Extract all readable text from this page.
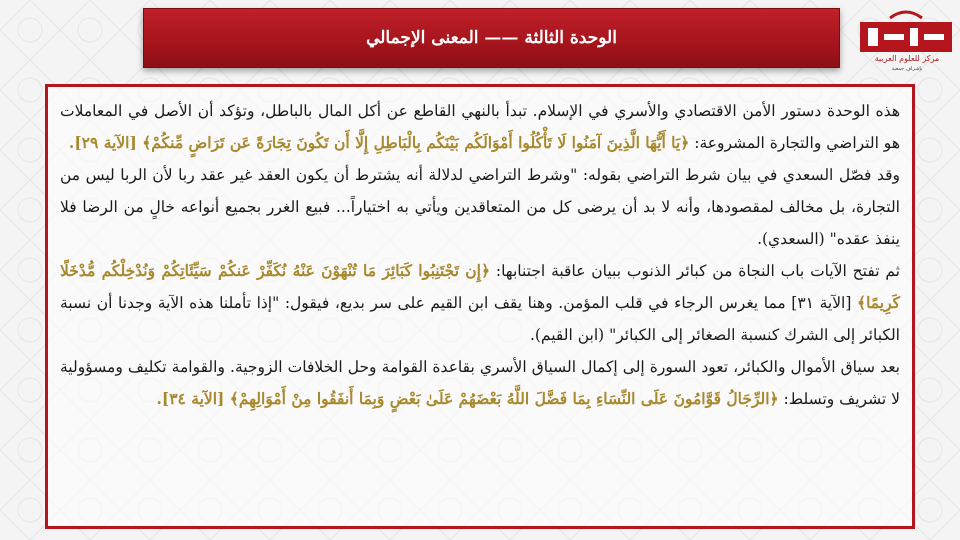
الوحدة الثالثة —— المعنى الإجمالي
مركز للعلوم العربية
بإشراف جمعية

هذه الوحدة دستور الأمن الاقتصادي والأسري في الإسلام. تبدأ بالنهي القاطع عن أكل المال بالباطل، وتؤكد أن الأصل في المعاملات هو التراضي والتجارة المشروعة: ﴿يَا أَيُّهَا الَّذِينَ آمَنُوا لَا تَأْكُلُوا أَمْوَالَكُم بَيْنَكُم بِالْبَاطِلِ إِلَّا أَن تَكُونَ تِجَارَةً عَن تَرَاضٍ مِّنكُمْ﴾ [الآية ٢٩].

وقد فصّل السعدي في بيان شرط التراضي بقوله: "وشرط التراضي لدلالة أنه يشترط أن يكون العقد غير عقد ربا لأن الربا ليس من التجارة، بل مخالف لمقصودها، وأنه لا بد أن يرضى كل من المتعاقدين ويأتي به اختياراً... فبيع الغرر بجميع أنواعه خالٍ من الرضا فلا ينفذ عقده" (السعدي).

ثم تفتح الآيات باب النجاة من كبائر الذنوب ببيان عاقبة اجتنابها: ﴿إِن تَجْتَنِبُوا كَبَائِرَ مَا تُنْهَوْنَ عَنْهُ نُكَفِّرْ عَنكُمْ سَيِّئَاتِكُمْ وَنُدْخِلْكُم مُّدْخَلًا كَرِيمًا﴾ [الآية ٣١] مما يغرس الرجاء في قلب المؤمن. وهنا يقف ابن القيم على سر بديع، فيقول: "إذا تأملنا هذه الآية وجدنا أن نسبة الكبائر إلى الشرك كنسبة الصغائر إلى الكبائر" (ابن القيم).

بعد سياق الأموال والكبائر، تعود السورة إلى إكمال السياق الأسري بقاعدة القوامة وحل الخلافات الزوجية. والقوامة تكليف ومسؤولية لا تشريف وتسلط: ﴿الرِّجَالُ قَوَّامُونَ عَلَى النِّسَاءِ بِمَا فَضَّلَ اللَّهُ بَعْضَهُمْ عَلَىٰ بَعْضٍ وَبِمَا أَنفَقُوا مِنْ أَمْوَالِهِمْ﴾ [الآية ٣٤].
